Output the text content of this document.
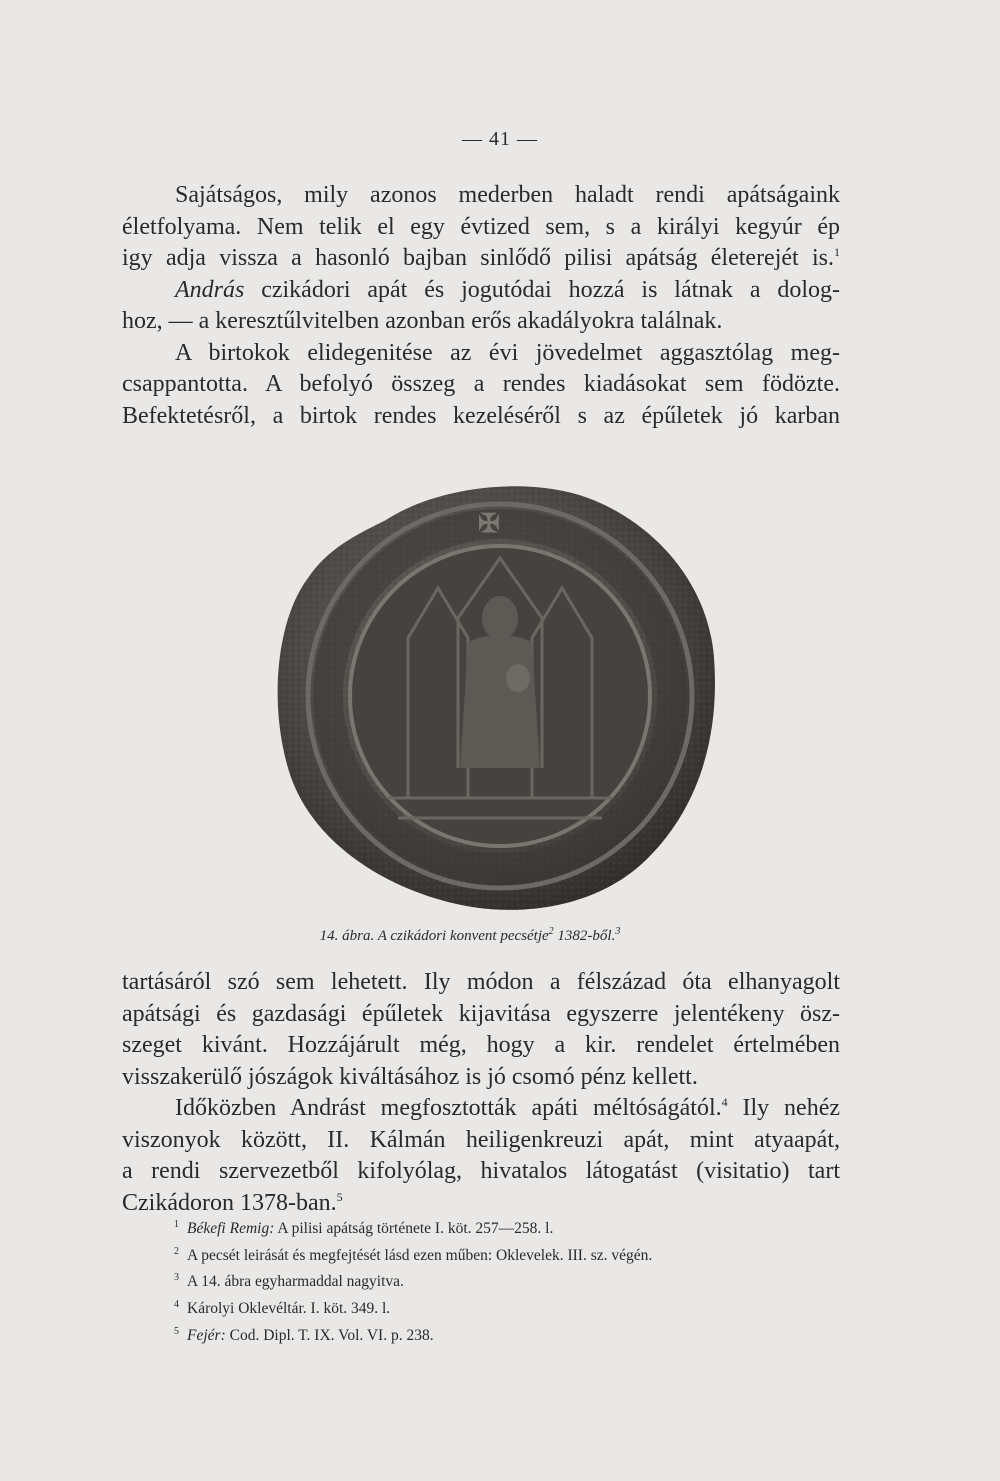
— 41 —
Sajátságos, mily azonos mederben haladt rendi apátságaink
életfolyama. Nem telik el egy évtized sem, s a királyi kegyúr ép
igy adja vissza a hasonló bajban sinlődő pilisi apátság életerejét is.$^1$
András czikádori apát és jogutódai hozzá is látnak a dolog-
hoz, — a keresztűlvitelben azonban erős akadályokra találnak.
A birtokok elidegenitése az évi jövedelmet aggasztólag meg-
csappantotta. A befolyó összeg a rendes kiadásokat sem födözte.
Befektetésről, a birtok rendes kezeléséről s az épűletek jó karban
✠
14. ábra. A czikádori konvent pecsétje$^2$ 1382-ből.$^3$
tartásáról szó sem lehetett. Ily módon a félszázad óta elhanyagolt
apátsági és gazdasági épűletek kijavitása egyszerre jelentékeny ösz-
szeget kivánt. Hozzájárult még, hogy a kir. rendelet értelmében
visszakerülő jószágok kiváltásához is jó csomó pénz kellett.
Időközben Andrást megfosztották apáti méltóságától.$^4$ Ily nehéz
viszonyok között, II. Kálmán heiligenkreuzi apát, mint atyaapát,
a rendi szervezetből kifolyólag, hivatalos látogatást (visitatio) tart
Czikádoron 1378-ban.$^5$
$^1$ Békefi Remig: A pilisi apátság története I. köt. 257—258. l.
$^2$ A pecsét leirását és megfejtését lásd ezen műben: Oklevelek. III. sz. végén.
$^3$ A 14. ábra egyharmaddal nagyitva.
$^4$ Károlyi Oklevéltár. I. köt. 349. l.
$^5$ Fejér: Cod. Dipl. T. IX. Vol. VI. p. 238.
